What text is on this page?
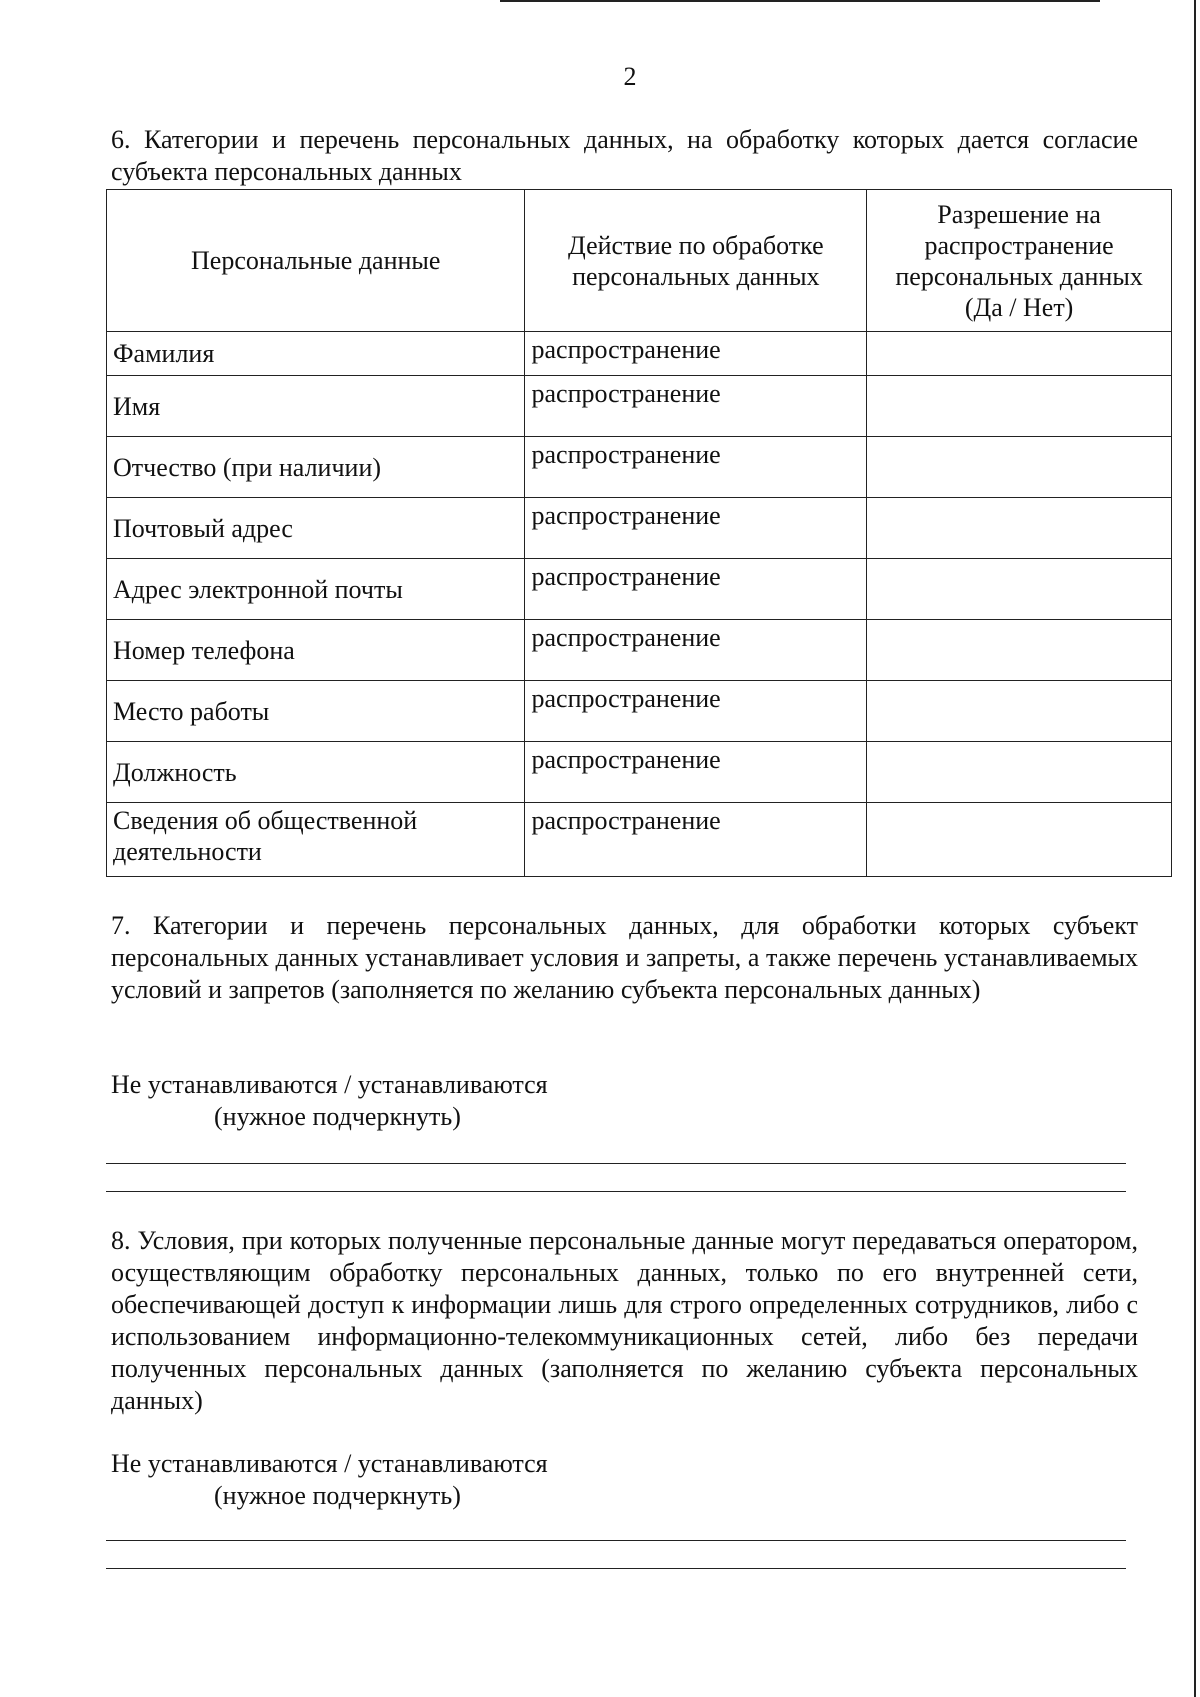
2
6. Категории и перечень персональных данных, на обработку которых дается согласие субъекта персональных данных
Персональные данные	Действие по обработке персональных данных	Разрешение на распространение персональных данных (Да / Нет)
Фамилия	распространение	
Имя	распространение	
Отчество (при наличии)	распространение	
Почтовый адрес	распространение	
Адрес электронной почты	распространение	
Номер телефона	распространение	
Место работы	распространение	
Должность	распространение	
Сведения об общественной деятельности	распространение	
7. Категории и перечень персональных данных, для обработки которых субъект персональных данных устанавливает условия и запреты, а также перечень устанавливаемых условий и запретов (заполняется по желанию субъекта персональных данных)
Не устанавливаются / устанавливаются
(нужное подчеркнуть)
8. Условия, при которых полученные персональные данные могут передаваться оператором, осуществляющим обработку персональных данных, только по его внутренней сети, обеспечивающей доступ к информации лишь для строго определенных сотрудников, либо с использованием информационно-телекоммуникационных сетей, либо без передачи полученных персональных данных (заполняется по желанию субъекта персональных данных)
Не устанавливаются / устанавливаются
(нужное подчеркнуть)
